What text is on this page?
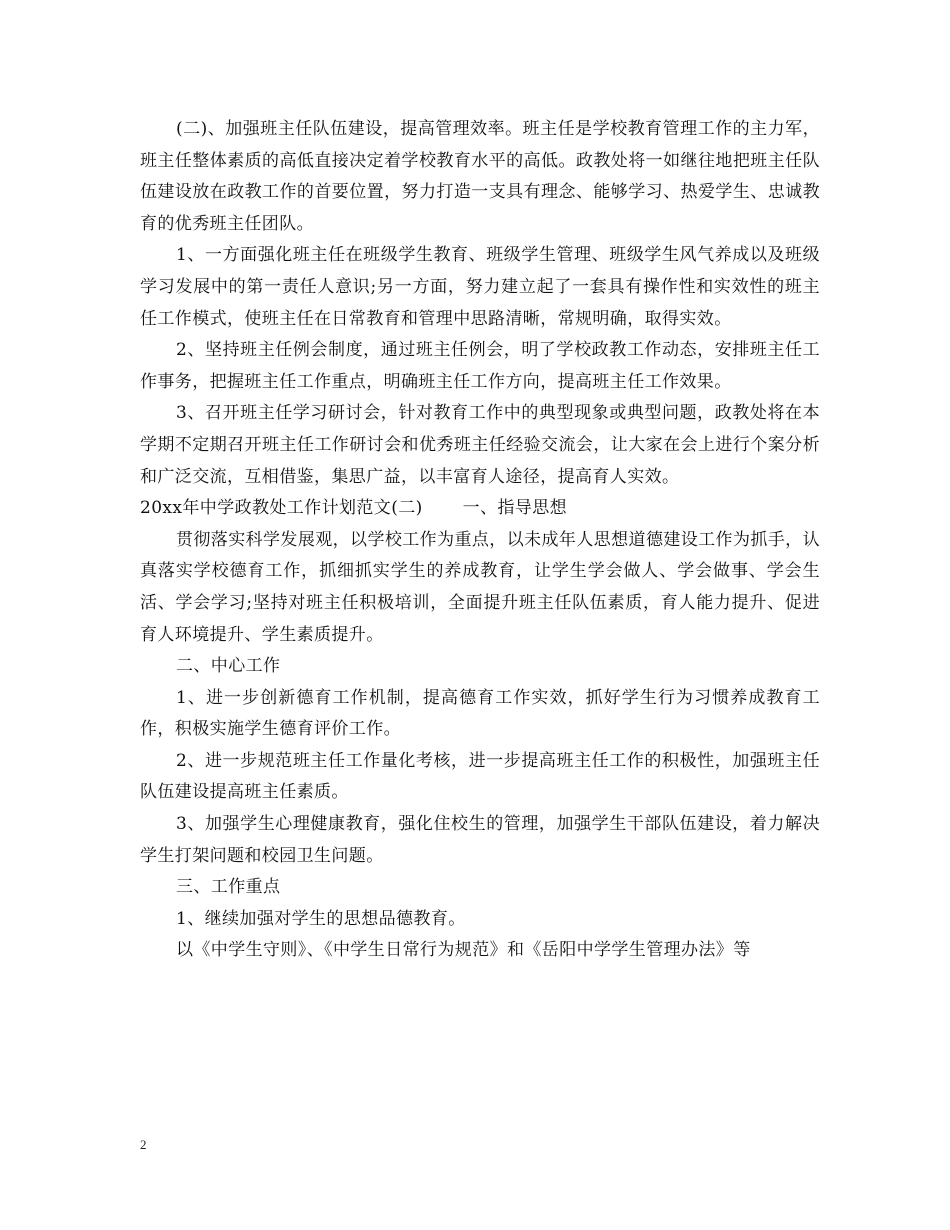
(二)、加强班主任队伍建设，提高管理效率。班主任是学校教育管理工作的主力军，班主任整体素质的高低直接决定着学校教育水平的高低。政教处将一如继往地把班主任队伍建设放在政教工作的首要位置，努力打造一支具有理念、能够学习、热爱学生、忠诚教育的优秀班主任团队。

1、一方面强化班主任在班级学生教育、班级学生管理、班级学生风气养成以及班级学习发展中的第一责任人意识;另一方面，努力建立起了一套具有操作性和实效性的班主任工作模式，使班主任在日常教育和管理中思路清晰，常规明确，取得实效。

2、坚持班主任例会制度，通过班主任例会，明了学校政教工作动态，安排班主任工作事务，把握班主任工作重点，明确班主任工作方向，提高班主任工作效果。

3、召开班主任学习研讨会，针对教育工作中的典型现象或典型问题，政教处将在本学期不定期召开班主任工作研讨会和优秀班主任经验交流会，让大家在会上进行个案分析和广泛交流，互相借鉴，集思广益，以丰富育人途径，提高育人实效。

20xx年中学政教处工作计划范文(二) 一、指导思想

贯彻落实科学发展观，以学校工作为重点，以未成年人思想道德建设工作为抓手，认真落实学校德育工作，抓细抓实学生的养成教育，让学生学会做人、学会做事、学会生活、学会学习;坚持对班主任积极培训，全面提升班主任队伍素质，育人能力提升、促进育人环境提升、学生素质提升。

二、中心工作

1、进一步创新德育工作机制，提高德育工作实效，抓好学生行为习惯养成教育工作，积极实施学生德育评价工作。

2、进一步规范班主任工作量化考核，进一步提高班主任工作的积极性，加强班主任队伍建设提高班主任素质。

3、加强学生心理健康教育，强化住校生的管理，加强学生干部队伍建设，着力解决学生打架问题和校园卫生问题。

三、工作重点

1、继续加强对学生的思想品德教育。

以《中学生守则》、《中学生日常行为规范》和《岳阳中学学生管理办法》等

2
